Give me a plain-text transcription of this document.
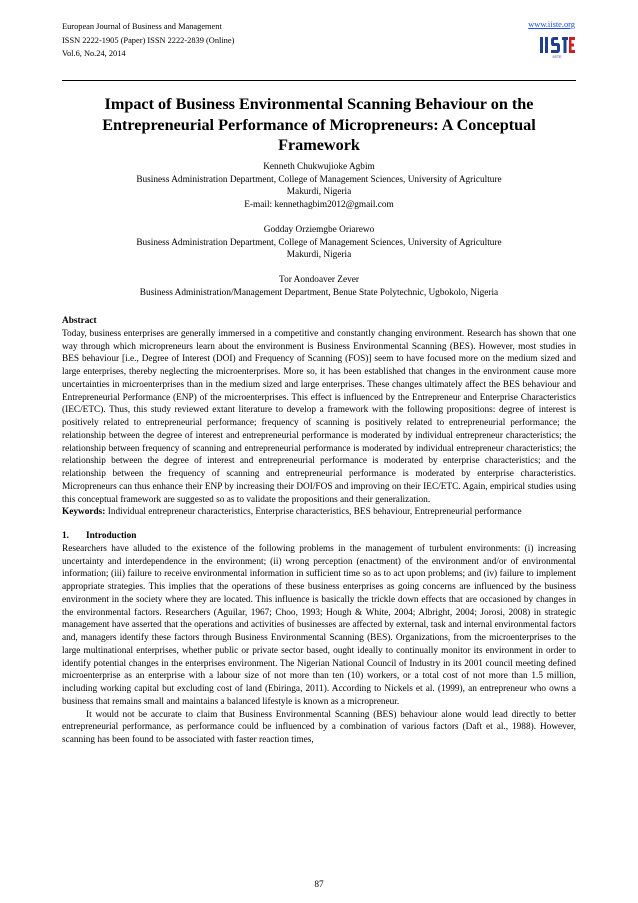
European Journal of Business and Management
ISSN 2222-1905 (Paper) ISSN 2222-2839 (Online)
Vol.6, No.24, 2014
www.iiste.org
IISTE
Impact of Business Environmental Scanning Behaviour on the Entrepreneurial Performance of Micropreneurs: A Conceptual Framework
Kenneth Chukwujioke Agbim
Business Administration Department, College of Management Sciences, University of Agriculture
Makurdi, Nigeria
E-mail: kennethagbim2012@gmail.com
Godday Orziemgbe Oriarewo
Business Administration Department, College of Management Sciences, University of Agriculture
Makurdi, Nigeria
Tor Aondoaver Zever
Business Administration/Management Department, Benue State Polytechnic, Ugbokolo, Nigeria
Abstract

Today, business enterprises are generally immersed in a competitive and constantly changing environment. Research has shown that one way through which micropreneurs learn about the environment is Business Environmental Scanning (BES). However, most studies in BES behaviour [i.e., Degree of Interest (DOI) and Frequency of Scanning (FOS)] seem to have focused more on the medium sized and large enterprises, thereby neglecting the microenterprises. More so, it has been established that changes in the environment cause more uncertainties in microenterprises than in the medium sized and large enterprises. These changes ultimately affect the BES behaviour and Entrepreneurial Performance (ENP) of the microenterprises. This effect is influenced by the Entrepreneur and Enterprise Characteristics (IEC/ETC). Thus, this study reviewed extant literature to develop a framework with the following propositions: degree of interest is positively related to entrepreneurial performance; frequency of scanning is positively related to entrepreneurial performance; the relationship between the degree of interest and entrepreneurial performance is moderated by individual entrepreneur characteristics; the relationship between frequency of scanning and entrepreneurial performance is moderated by individual entrepreneur characteristics; the relationship between the degree of interest and entrepreneurial performance is moderated by enterprise characteristics; and the relationship between the frequency of scanning and entrepreneurial performance is moderated by enterprise characteristics. Micropreneurs can thus enhance their ENP by increasing their DOI/FOS and improving on their IEC/ETC. Again, empirical studies using this conceptual framework are suggested so as to validate the propositions and their generalization.

Keywords: Individual entrepreneur characteristics, Enterprise characteristics, BES behaviour, Entrepreneurial performance

1. Introduction

Researchers have alluded to the existence of the following problems in the management of turbulent environments: (i) increasing uncertainty and interdependence in the environment; (ii) wrong perception (enactment) of the environment and/or of environmental information; (iii) failure to receive environmental information in sufficient time so as to act upon problems; and (iv) failure to implement appropriate strategies. This implies that the operations of these business enterprises as going concerns are influenced by the business environment in the society where they are located. This influence is basically the trickle down effects that are occasioned by changes in the environmental factors. Researchers (Aguilar, 1967; Choo, 1993; Hough & White, 2004; Albright, 2004; Jorosi, 2008) in strategic management have asserted that the operations and activities of businesses are affected by external, task and internal environmental factors and, managers identify these factors through Business Environmental Scanning (BES). Organizations, from the microenterprises to the large multinational enterprises, whether public or private sector based, ought ideally to continually monitor its environment in order to identify potential changes in the enterprises environment. The Nigerian National Council of Industry in its 2001 council meeting defined microenterprise as an enterprise with a labour size of not more than ten (10) workers, or a total cost of not more than 1.5 million, including working capital but excluding cost of land (Ebiringa, 2011). According to Nickels et al. (1999), an entrepreneur who owns a business that remains small and maintains a balanced lifestyle is known as a micropreneur.

It would not be accurate to claim that Business Environmental Scanning (BES) behaviour alone would lead directly to better entrepreneurial performance, as performance could be influenced by a combination of various factors (Daft et al., 1988). However, scanning has been found to be associated with faster reaction times,

87
